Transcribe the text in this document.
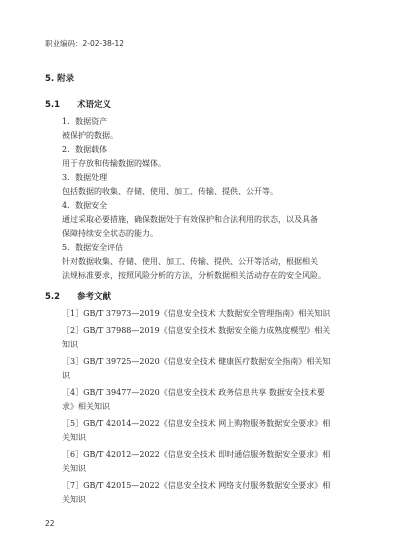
职业编码：2-02-38-12
5. 附录
5.1 术语定义
1．数据资产
被保护的数据。
2．数据载体
用于存放和传输数据的媒体。
3．数据处理
包括数据的收集、存储、使用、加工、传输、提供、公开等。
4．数据安全
通过采取必要措施，确保数据处于有效保护和合法利用的状态，以及具备
保障持续安全状态的能力。
5．数据安全评估
针对数据收集、存储、使用、加工、传输、提供、公开等活动，根据相关
法规标准要求，按照风险分析的方法，分析数据相关活动存在的安全风险。
5.2 参考文献
［1］GB/T 37973—2019《信息安全技术 大数据安全管理指南》相关知识
［2］GB/T 37988—2019《信息安全技术 数据安全能力成熟度模型》相关
知识
［3］GB/T 39725—2020《信息安全技术 健康医疗数据安全指南》相关知
识
［4］GB/T 39477—2020《信息安全技术 政务信息共享 数据安全技术要
求》相关知识
［5］GB/T 42014—2022《信息安全技术 网上购物服务数据安全要求》相
关知识
［6］GB/T 42012—2022《信息安全技术 即时通信服务数据安全要求》相
关知识
［7］GB/T 42015—2022《信息安全技术 网络支付服务数据安全要求》相
关知识
22
